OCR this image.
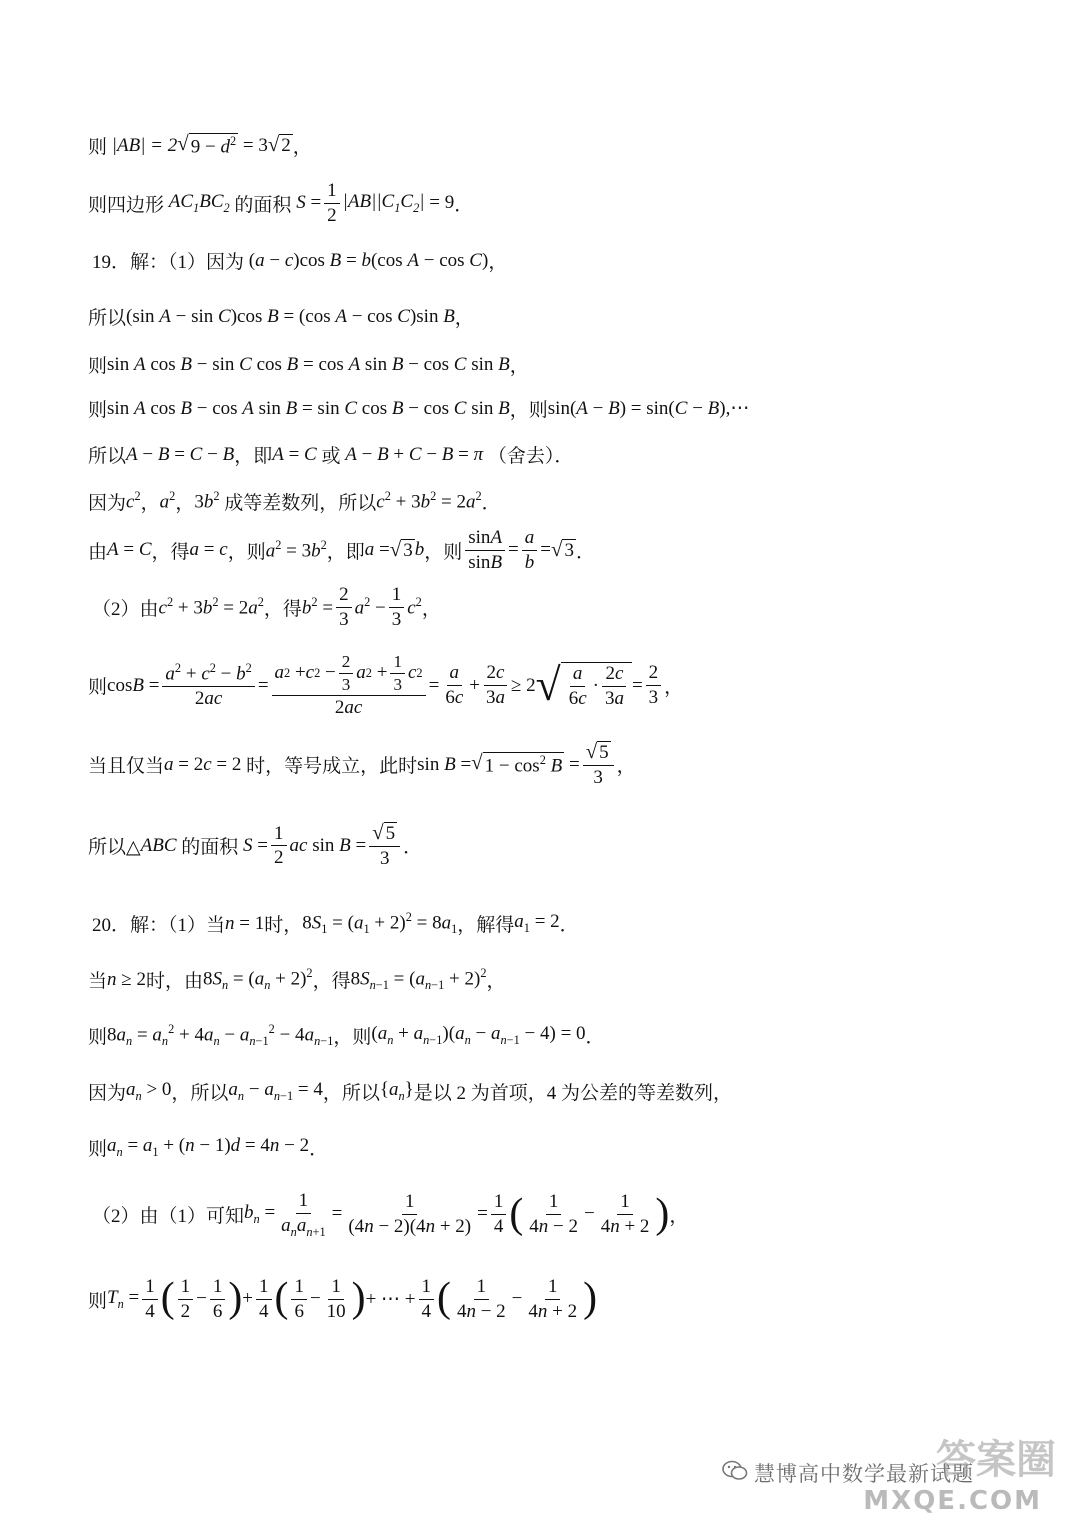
则 |AB| = 2 √ $9 - d^2 = 3$ √ 2 ，
则四边形 $AC_1BC_2$ 的面积 $S = \frac{1}{2} |AB||C_1C_2| = 9$ ．
19．解：（1）因为 (a − c)cos B = b(cos A − cos C) ，
所以 (sin A − sin C)cos B = (cos A − cos C)sin B ，
则 sin A cos B − sin C cos B = cos A sin B − cos C sin B ，
则 sin A cos B − cos A sin B = sin C cos B − cos C sin B ，则 sin(A − B) = sin(C − B) ,⋯
所以 A − B = C − B ，即 A = C 或 A − B + C − B = π （舍去）．
因为 $c^2$ ， $a^2$ ， $3b^2$ 成等差数列，所以 $c^2 + 3b^2 = 2a^2$ ．
由 A = C ，得 a = c ，则 $a^2 = 3b^2$ ，即 a = √ 3 b ，则 $\frac{\sin A}{\sin B} = \frac{a}{b}$ = √ 3 ．
（2）由 $c^2 + 3b^2 = 2a^2$ ，得 $b^2 = \frac{2}{3} a^2 - \frac{1}{3} c^2$ ，
则 $\cos B = \frac{a^2 + c^2 - b^2}{2ac} = \frac{a 2 + c 2 - \frac{2}{3} a 2 + \frac{1}{3} c 2}{2ac} = \frac{a}{6c} + \frac{2c}{3a} \ge 2$ √ $\frac{a}{6c} \cdot \frac{2c}{3a} = \frac{2}{3}$ ，
当且仅当 a = 2c = 2 时，等号成立，此时 sin B = √ $1 - \cos^2 B = \frac{√ 5}{3}$ ，
所以△ ABC 的面积 $S = \frac{1}{2}$ ac $\sin B = \frac{√ 5}{3}$ ．
20．解：（1）当 n = 1 时， $8S_1 = (a_1 + 2)^2 = 8a_1$ ，解得 $a_1 = 2$ ．
当 n ≥ 2 时，由 $8S_n = (a_n + 2)^2$ ，得 $8S_{n-1} = (a_{n-1} + 2)^2$ ，
则 $8a_n = a_n^2 + 4a_n - a_{n-1}^2 - 4a_{n-1}$ ，则 $(a_n + a_{n-1})(a_n - a_{n-1} - 4) = 0$ ．
因为 $a_n > 0$ ，所以 $a_n - a_{n-1} = 4$ ，所以 $\{a_n\}$ 是以 2 为首项，4 为公差的等差数列，
则 $a_n = a_1 + (n - 1)d = 4n - 2$ ．
（2）由（1）可知 $b_n = \frac{1}{a_na_{n+1}} = \frac{1}{(4n - 2)(4n + 2)} = \frac{1}{4}$ ( $\frac{1}{4n - 2} - \frac{1}{4n + 2}$ ) ，
则 $T_n = \frac{1}{4}$ ( $\frac{1}{2} - \frac{1}{6}$ ) + $\frac{1}{4}$ ( $\frac{1}{6} - \frac{1}{10}$ ) + ⋯ + $\frac{1}{4}$ ( $\frac{1}{4n - 2} - \frac{1}{4n + 2}$ )
慧博高中数学最新试题
答案圈
MXQE.COM
